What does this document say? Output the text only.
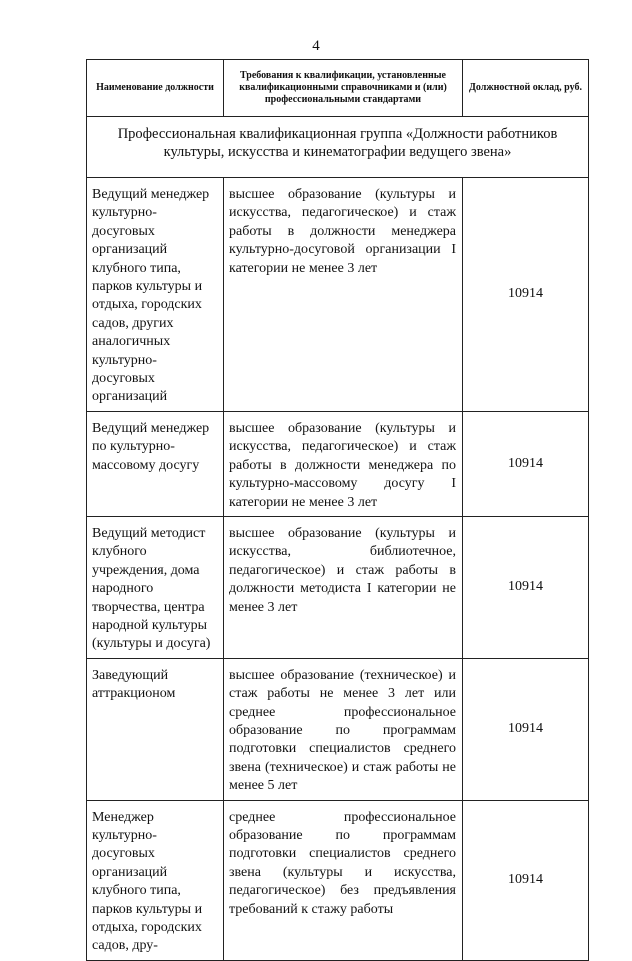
4
Наименование должности	Требования к квалификации, установленные квалификационными справочниками и (или) профессиональными стандартами	Должностной оклад, руб.
Профессиональная квалификационная группа «Должности работников культуры, искусства и кинематографии ведущего звена»		
Ведущий менеджер культурно-досуговых организаций клубного типа, парков культуры и отдыха, городских садов, других аналогичных культурно-досуговых организаций	высшее образование (культуры и искусства, педагогическое) и стаж работы в должности менеджера культурно-досуговой организации I категории не менее 3 лет	10914
Ведущий менеджер по культурно-массовому досугу	высшее образование (культуры и искусства, педагогическое) и стаж работы в должности менеджера по культурно-массовому досугу I категории не менее 3 лет	10914
Ведущий методист клубного учреждения, дома народного творчества, центра народной культуры (культуры и досуга)	высшее образование (культуры и искусства, библиотечное, педагогическое) и стаж работы в должности методиста I категории не менее 3 лет	10914
Заведующий аттракционом	высшее образование (техническое) и стаж работы не менее 3 лет или среднее профессиональное образование по программам подготовки специалистов среднего звена (техническое) и стаж работы не менее 5 лет	10914
Менеджер культурно-досуговых организаций клубного типа, парков культуры и отдыха, городских садов, дру-	среднее профессиональное образование по программам подготовки специалистов среднего звена (культуры и искусства, педагогическое) без предъявления требований к стажу работы	10914
